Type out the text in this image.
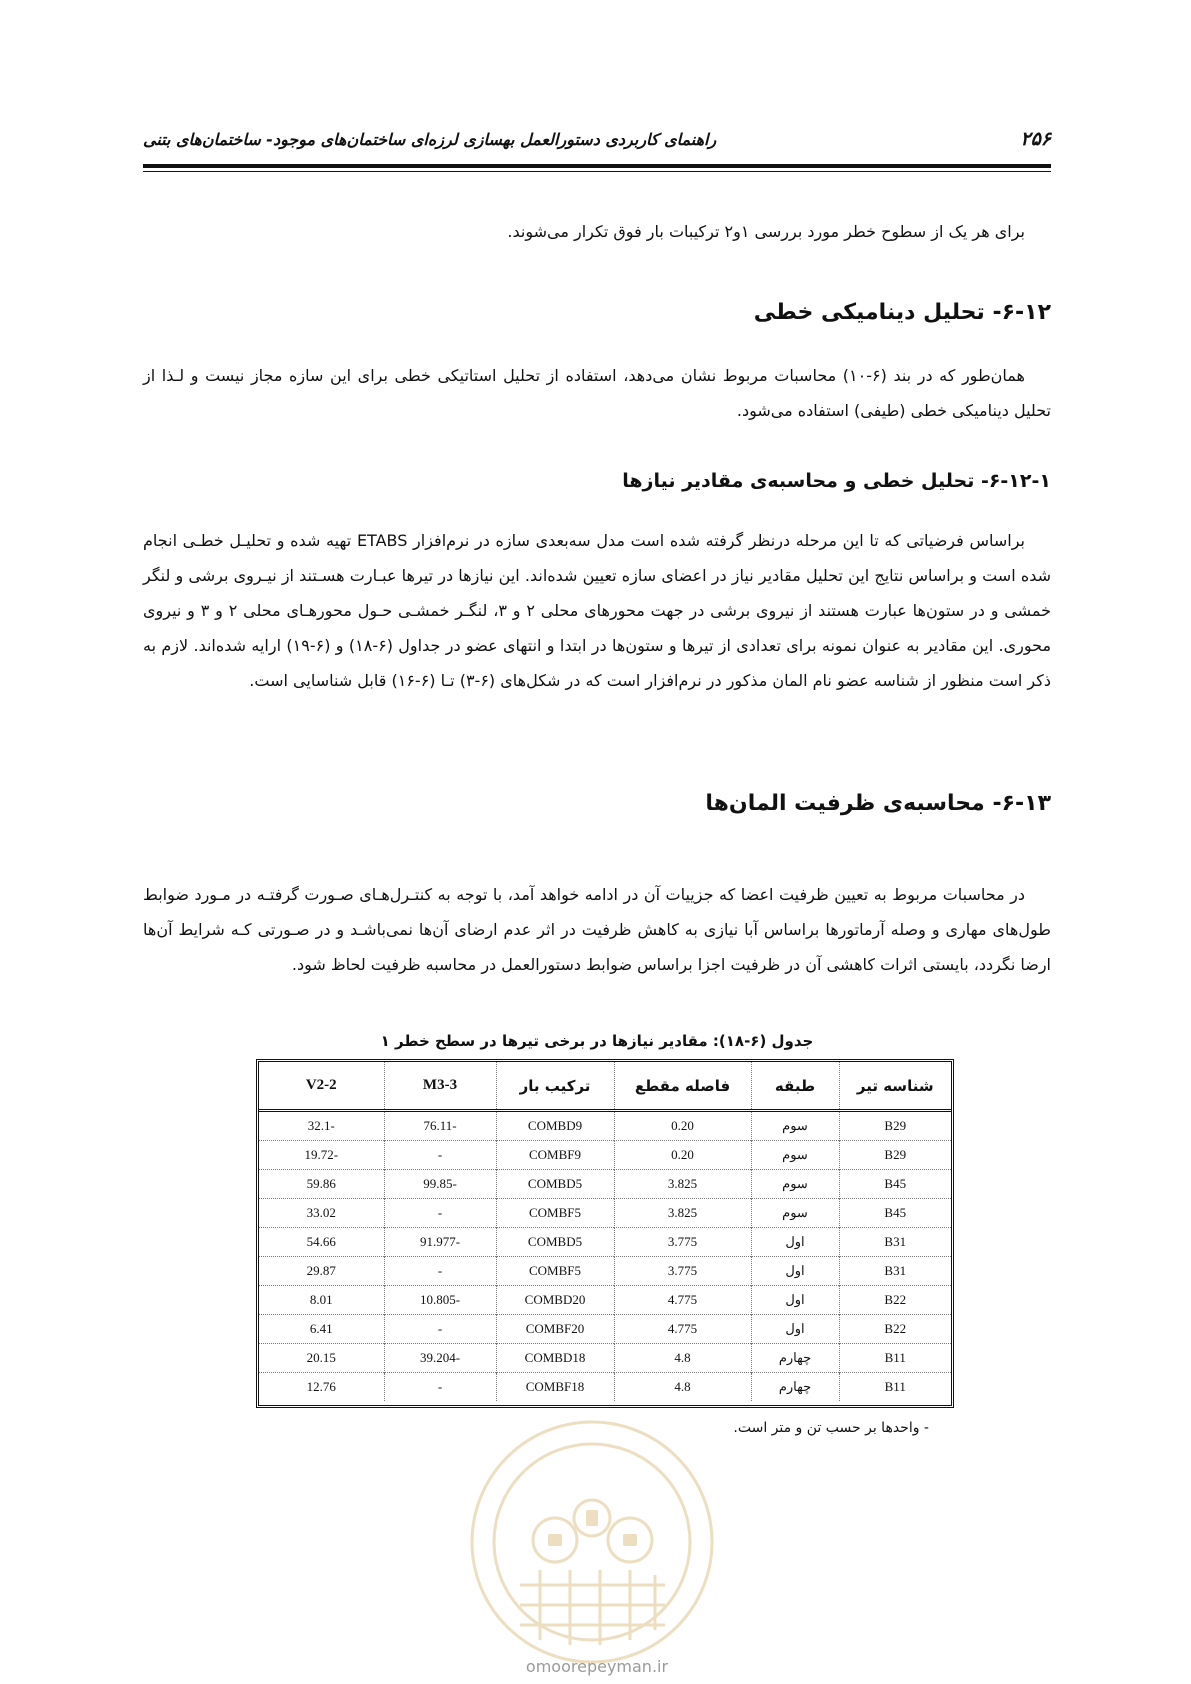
۲۵۶
راهنمای کاربردی دستورالعمل بهسازی لرزه‌ای ساختمان‌های موجود- ساختمان‌های بتنی
برای هر یک از سطوح خطر مورد بررسی ۱و۲ ترکیبات بار فوق تکرار می‌شوند.
۶-۱۲- تحلیل دینامیکی خطی
همان‌طور که در بند (۶-۱۰) محاسبات مربوط نشان می‌دهد، استفاده از تحلیل استاتیکی خطی برای این سازه مجاز نیست و لـذا از تحلیل دینامیکی خطی (طیفی) استفاده می‌شود.
۶-۱۲-۱- تحلیل خطی و محاسبه‌ی مقادیر نیازها
براساس فرضیاتی که تا این مرحله درنظر گرفته شده است مدل سه‌بعدی سازه در نرم‌افزار ETABS تهیه شده و تحلیـل خطـی انجام شده است و براساس نتایج این تحلیل مقادیر نیاز در اعضای سازه تعیین شده‌اند. این نیازها در تیرها عبـارت هسـتند از نیـروی برشی و لنگر خمشی و در ستون‌ها عبارت هستند از نیروی برشی در جهت محورهای محلی ۲ و ۳، لنگـر خمشـی حـول محورهـای محلی ۲ و ۳ و نیروی محوری. این مقادیر به عنوان نمونه برای تعدادی از تیرها و ستون‌ها در ابتدا و انتهای عضو در جداول (۶-۱۸) و (۶-۱۹) ارایه شده‌اند. لازم به ذکر است منظور از شناسه عضو نام المان مذکور در نرم‌افزار است که در شکل‌های (۶-۳) تـا (۶-۱۶) قابل شناسایی است.
۶-۱۳- محاسبه‌ی ظرفیت المان‌ها
در محاسبات مربوط به تعیین ظرفیت اعضا که جزییات آن در ادامه خواهد آمد، با توجه به کنتـرل‌هـای صـورت گرفتـه در مـورد ضوابط طول‌های مهاری و وصله آرماتورها براساس آبا نیازی به کاهش ظرفیت در اثر عدم ارضای آن‌ها نمی‌باشـد و در صـورتی کـه شرایط آن‌ها ارضا نگردد، بایستی اثرات کاهشی آن در ظرفیت اجزا براساس ضوابط دستورالعمل در محاسبه ظرفیت لحاظ شود.
جدول (۶-۱۸): مقادیر نیازها در برخی تیرها در سطح خطر ۱
شناسه تیر	طبقه	فاصله مقطع	ترکیب بار	M3-3	V2-2
B29	سوم	0.20	COMBD9	-76.11	-32.1
B29	سوم	0.20	COMBF9	-	-19.72
B45	سوم	3.825	COMBD5	-99.85	59.86
B45	سوم	3.825	COMBF5	-	33.02
B31	اول	3.775	COMBD5	-91.977	54.66
B31	اول	3.775	COMBF5	-	29.87
B22	اول	4.775	COMBD20	-10.805	8.01
B22	اول	4.775	COMBF20	-	6.41
B11	چهارم	4.8	COMBD18	-39.204	20.15
B11	چهارم	4.8	COMBF18	-	12.76
- واحدها بر حسب تن و متر است.
omoorepeyman.ir
